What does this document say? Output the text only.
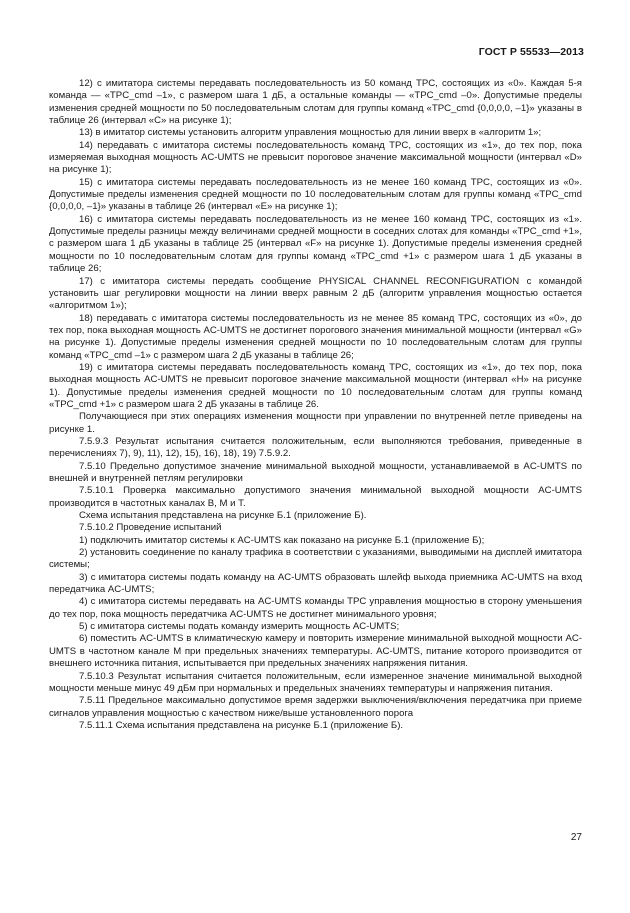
ГОСТ Р 55533—2013

12) с имитатора системы передавать последовательность из 50 команд TPC, состоящих из «0». Каждая 5-я команда — «TPC_cmd –1», с размером шага 1 дБ, а остальные команды — «TPC_cmd –0». Допустимые пределы изменения средней мощности по 50 последовательным слотам для группы команд «TPC_cmd {0,0,0,0, –1}» указаны в таблице 26 (интервал «С» на рисунке 1);

13) в имитатор системы установить алгоритм управления мощностью для линии вверх в «алгоритм 1»;

14) передавать с имитатора системы последовательность команд TPC, состоящих из «1», до тех пор, пока измеряемая выходная мощность AC-UMTS не превысит пороговое значение максимальной мощности (интервал «D» на рисунке 1);

15) с имитатора системы передавать последовательность из не менее 160 команд TPC, состоящих из «0». Допустимые пределы изменения средней мощности по 10 последовательным слотам для группы команд «TPC_cmd {0,0,0,0, –1}» указаны в таблице 26 (интервал «Е» на рисунке 1);

16) с имитатора системы передавать последовательность из не менее 160 команд TPC, состоящих из «1». Допустимые пределы разницы между величинами средней мощности в соседних слотах для команды «TPC_cmd +1», с размером шага 1 дБ указаны в таблице 25 (интервал «F» на рисунке 1). Допустимые пределы изменения средней мощности по 10 последовательным слотам для группы команд «TPC_cmd +1» с размером шага 1 дБ указаны в таблице 26;

17) с имитатора системы передать сообщение PHYSICAL CHANNEL RECONFIGURATION с командой установить шаг регулировки мощности на линии вверх равным 2 дБ (алгоритм управления мощностью остается «алгоритмом 1»);

18) передавать с имитатора системы последовательность из не менее 85 команд TPC, состоящих из «0», до тех пор, пока выходная мощность AC-UMTS не достигнет порогового значения минимальной мощности (интервал «G» на рисунке 1). Допустимые пределы изменения средней мощности по 10 последовательным слотам для группы команд «TPC_cmd –1» с размером шага 2 дБ указаны в таблице 26;

19) с имитатора системы передавать последовательность команд TPC, состоящих из «1», до тех пор, пока выходная мощность AC-UMTS не превысит пороговое значение максимальной мощности (интервал «Н» на рисунке 1). Допустимые пределы изменения средней мощности по 10 последовательным слотам для группы команд «TPC_cmd +1» с размером шага 2 дБ указаны в таблице 26.

Получающиеся при этих операциях изменения мощности при управлении по внутренней петле приведены на рисунке 1.

7.5.9.3 Результат испытания считается положительным, если выполняются требования, приведенные в перечислениях 7), 9), 11), 12), 15), 16), 18), 19) 7.5.9.2.

7.5.10 Предельно допустимое значение минимальной выходной мощности, устанавливаемой в AC-UMTS по внешней и внутренней петлям регулировки

7.5.10.1 Проверка максимально допустимого значения минимальной выходной мощности AC-UMTS производится в частотных каналах В, М и Т.

Схема испытания представлена на рисунке Б.1 (приложение Б).

7.5.10.2 Проведение испытаний

1) подключить имитатор системы к AC-UMTS как показано на рисунке Б.1 (приложение Б);

2) установить соединение по каналу трафика в соответствии с указаниями, выводимыми на дисплей имитатора системы;

3) с имитатора системы подать команду на AC-UMTS образовать шлейф выхода приемника AC-UMTS на вход передатчика AC-UMTS;

4) с имитатора системы передавать на AC-UMTS команды TPC управления мощностью в сторону уменьшения до тех пор, пока мощность передатчика AC-UMTS не достигнет минимального уровня;

5) с имитатора системы подать команду измерить мощность AC-UMTS;

6) поместить AC-UMTS в климатическую камеру и повторить измерение минимальной выходной мощности AC-UMTS в частотном канале М при предельных значениях температуры. AC-UMTS, питание которого производится от внешнего источника питания, испытывается при предельных значениях напряжения питания.

7.5.10.3 Результат испытания считается положительным, если измеренное значение минимальной выходной мощности меньше минус 49 дБм при нормальных и предельных значениях температуры и напряжения питания.

7.5.11 Предельное максимально допустимое время задержки выключения/включения передатчика при приеме сигналов управления мощностью с качеством ниже/выше установленного порога

7.5.11.1 Схема испытания представлена на рисунке Б.1 (приложение Б).

27
